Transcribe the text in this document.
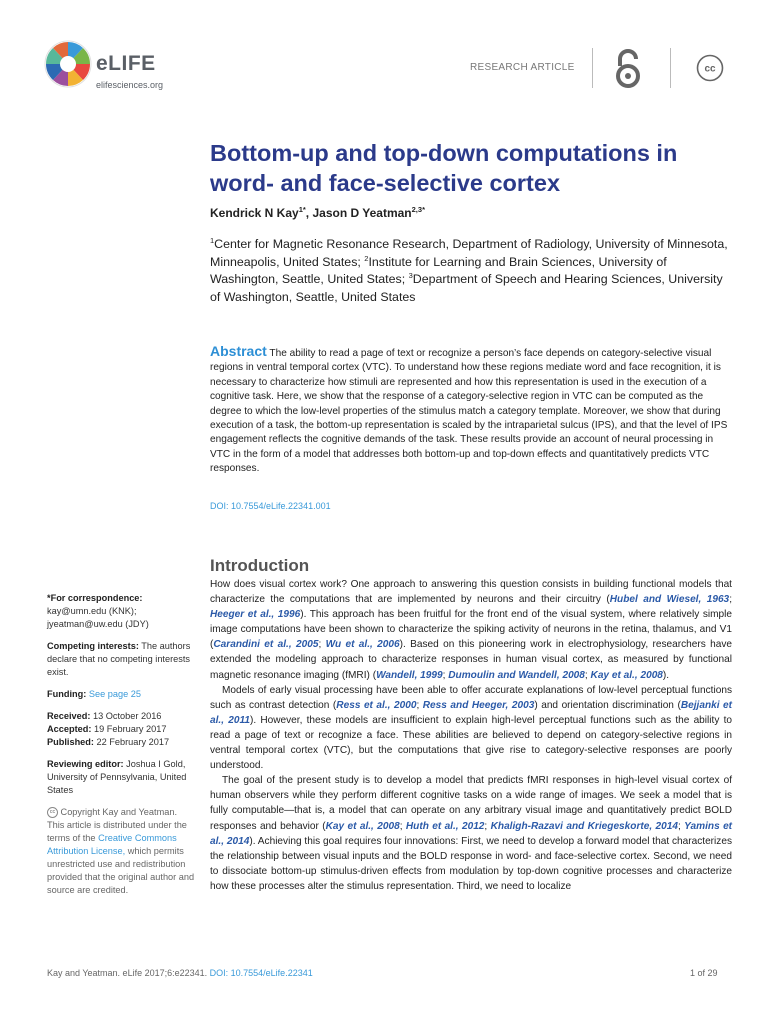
eLIFE
elifesciences.org
RESEARCH ARTICLE	cc
Bottom-up and top-down computations in word- and face-selective cortex
Kendrick N Kay$^{1*}$, Jason D Yeatman$^{2,3*}$
$^1$Center for Magnetic Resonance Research, Department of Radiology, University of Minnesota, Minneapolis, United States; $^2$Institute for Learning and Brain Sciences, University of Washington, Seattle, United States; $^3$Department of Speech and Hearing Sciences, University of Washington, Seattle, United States
Abstract The ability to read a page of text or recognize a person’s face depends on category-selective visual regions in ventral temporal cortex (VTC). To understand how these regions mediate word and face recognition, it is necessary to characterize how stimuli are represented and how this representation is used in the execution of a cognitive task. Here, we show that the response of a category-selective region in VTC can be computed as the degree to which the low-level properties of the stimulus match a category template. Moreover, we show that during execution of a task, the bottom-up representation is scaled by the intraparietal sulcus (IPS), and that the level of IPS engagement reflects the cognitive demands of the task. These results provide an account of neural processing in VTC in the form of a model that addresses both bottom-up and top-down effects and quantitatively predicts VTC responses.
DOI: 10.7554/eLife.22341.001
Introduction

How does visual cortex work? One approach to answering this question consists in building functional models that characterize the computations that are implemented by neurons and their circuitry (Hubel and Wiesel, 1963; Heeger et al., 1996). This approach has been fruitful for the front end of the visual system, where relatively simple image computations have been shown to characterize the spiking activity of neurons in the retina, thalamus, and V1 (Carandini et al., 2005; Wu et al., 2006). Based on this pioneering work in electrophysiology, researchers have extended the modeling approach to characterize responses in human visual cortex, as measured by functional magnetic resonance imaging (fMRI) (Wandell, 1999; Dumoulin and Wandell, 2008; Kay et al., 2008).

Models of early visual processing have been able to offer accurate explanations of low-level perceptual functions such as contrast detection (Ress et al., 2000; Ress and Heeger, 2003) and orientation discrimination (Bejjanki et al., 2011). However, these models are insufficient to explain high-level perceptual functions such as the ability to read a page of text or recognize a face. These abilities are believed to depend on category-selective regions in ventral temporal cortex (VTC), but the computations that give rise to category-selective responses are poorly understood.

The goal of the present study is to develop a model that predicts fMRI responses in high-level visual cortex of human observers while they perform different cognitive tasks on a wide range of images. We seek a model that is fully computable—that is, a model that can operate on any arbitrary visual image and quantitatively predict BOLD responses and behavior (Kay et al., 2008; Huth et al., 2012; Khaligh-Razavi and Kriegeskorte, 2014; Yamins et al., 2014). Achieving this goal requires four innovations: First, we need to develop a forward model that characterizes the relationship between visual inputs and the BOLD response in word- and face-selective cortex. Second, we need to dissociate bottom-up stimulus-driven effects from modulation by top-down cognitive processes and characterize how these processes alter the stimulus representation. Third, we need to localize

*For correspondence: kay@umn.edu (KNK); jyeatman@uw.edu (JDY)
Competing interests: The authors declare that no competing interests exist.
Funding: See page 25
Received: 13 October 2016
Accepted: 19 February 2017
Published: 22 February 2017
Reviewing editor: Joshua I Gold, University of Pennsylvania, United States
cc Copyright Kay and Yeatman. This article is distributed under the terms of the Creative Commons Attribution License, which permits unrestricted use and redistribution provided that the original author and source are credited.
Kay and Yeatman. eLife 2017;6:e22341. DOI: 10.7554/eLife.22341	1 of 29
